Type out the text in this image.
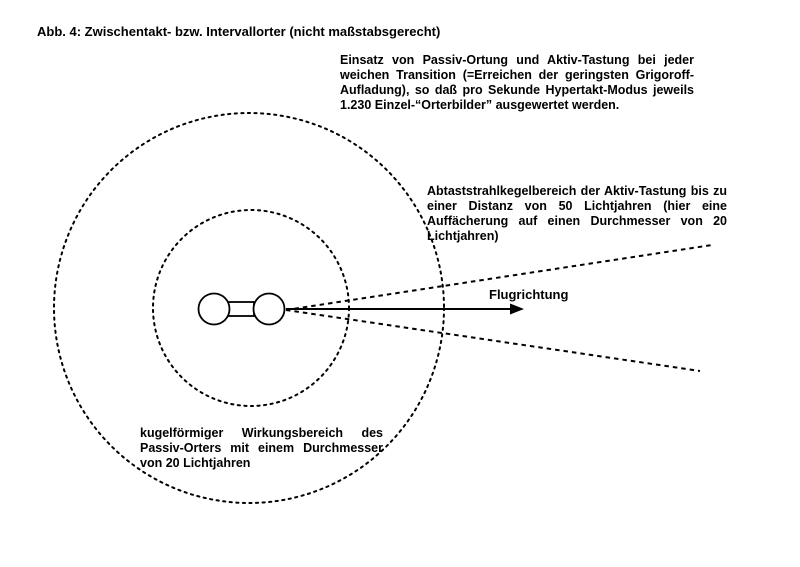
Abb. 4: Zwischentakt- bzw. Intervallorter (nicht maßstabsgerecht)
Einsatz von Passiv-Ortung und Aktiv-Tastung bei jeder weichen Transition (=Erreichen der geringsten Grigoroff-Aufladung), so daß pro Sekunde Hypertakt-Modus jeweils 1.230 Einzel-“Orterbilder” ausgewertet werden.
Abtaststrahlkegelbereich der Aktiv-Tastung bis zu einer Distanz von 50 Lichtjahren (hier eine Auffächerung auf einen Durchmesser von 20 Lichtjahren)
Flugrichtung
kugelförmiger Wirkungsbereich des Passiv-Orters mit einem Durchmesser von 20 Lichtjahren
